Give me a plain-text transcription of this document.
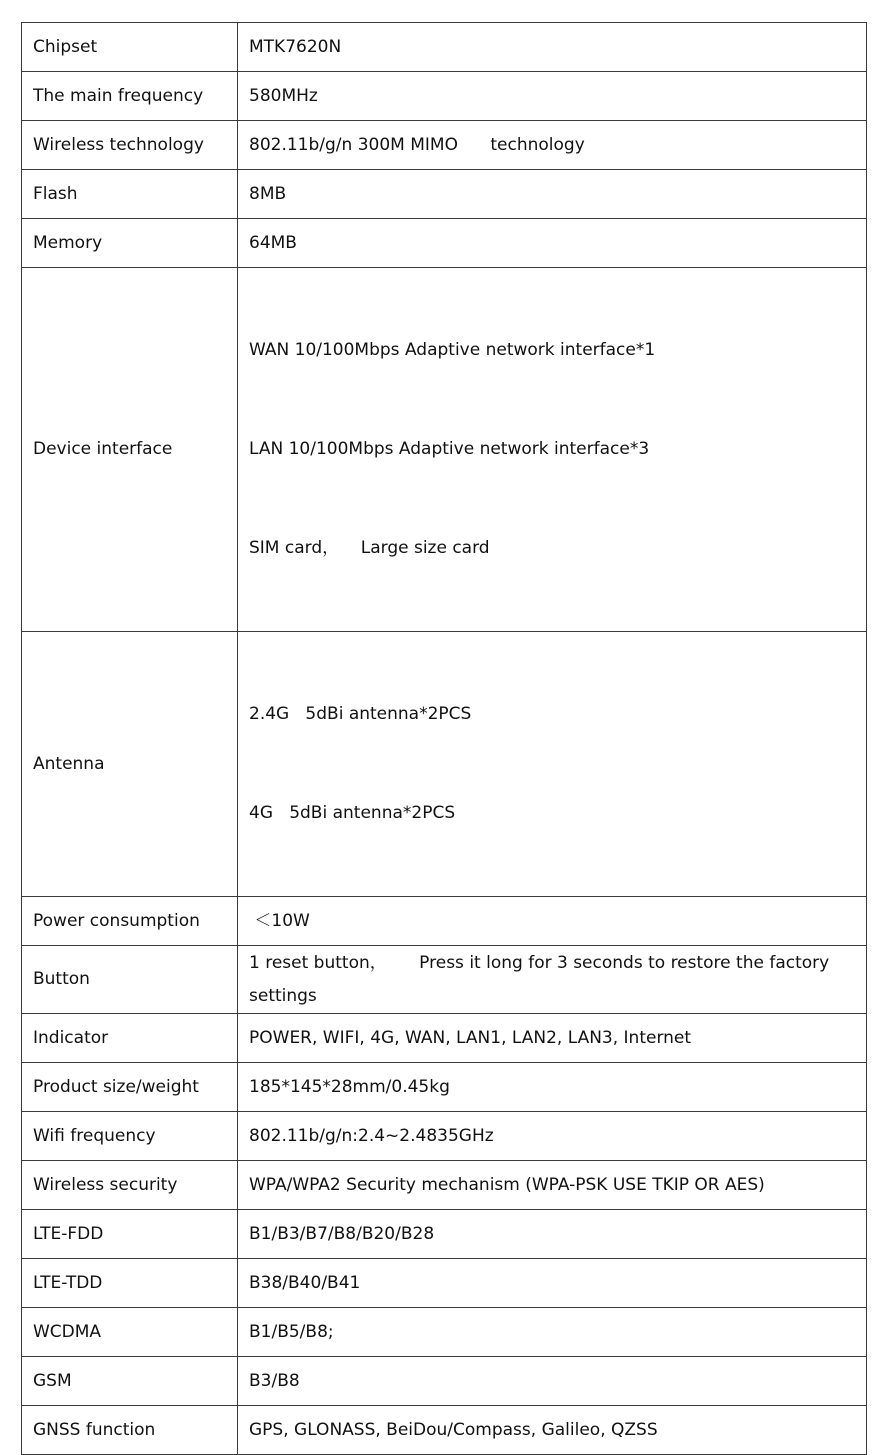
Chipset	MTK7620N

The main frequency	580MHz

Wireless technology	802.11b/g/n 300M MIMO      technology

Flash	8MB

Memory	64MB

Device interface	WAN 10/100Mbps Adaptive network interface*1

LAN 10/100Mbps Adaptive network interface*3

SIM card，    Large size card

Antenna	2.4G   5dBi antenna*2PCS

4G   5dBi antenna*2PCS

Power consumption	＜10W

Button	1 reset button，      Press it long for 3 seconds to restore the factory settings

Indicator	POWER, WIFI, 4G, WAN, LAN1, LAN2, LAN3, Internet

Product size/weight	185*145*28mm/0.45kg

Wifi frequency	802.11b/g/n:2.4~2.4835GHz

Wireless security	WPA/WPA2 Security mechanism (WPA-PSK USE TKIP OR AES)

LTE-FDD	B1/B3/B7/B8/B20/B28

LTE-TDD	B38/B40/B41

WCDMA	B1/B5/B8;

GSM	B3/B8

GNSS function	GPS, GLONASS, BeiDou/Compass, Galileo, QZSS
